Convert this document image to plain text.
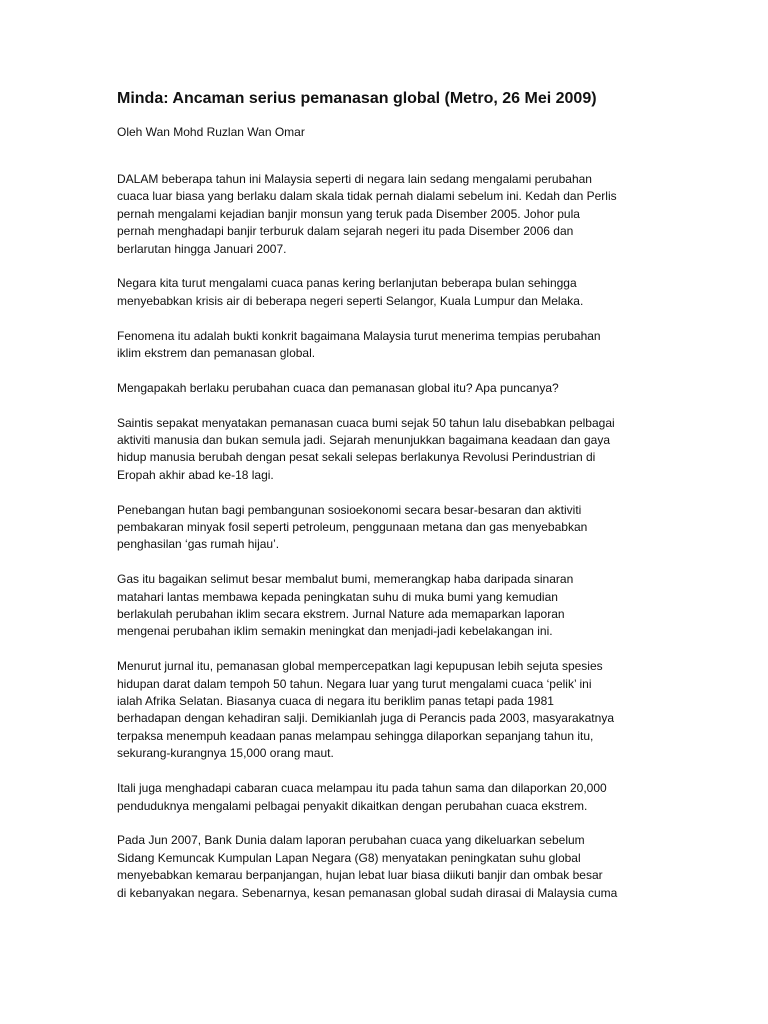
Minda: Ancaman serius pemanasan global (Metro, 26 Mei 2009)

Oleh Wan Mohd Ruzlan Wan Omar

DALAM beberapa tahun ini Malaysia seperti di negara lain sedang mengalami perubahan
cuaca luar biasa yang berlaku dalam skala tidak pernah dialami sebelum ini. Kedah dan Perlis
pernah mengalami kejadian banjir monsun yang teruk pada Disember 2005. Johor pula
pernah menghadapi banjir terburuk dalam sejarah negeri itu pada Disember 2006 dan
berlarutan hingga Januari 2007.

Negara kita turut mengalami cuaca panas kering berlanjutan beberapa bulan sehingga
menyebabkan krisis air di beberapa negeri seperti Selangor, Kuala Lumpur dan Melaka.

Fenomena itu adalah bukti konkrit bagaimana Malaysia turut menerima tempias perubahan
iklim ekstrem dan pemanasan global.

Mengapakah berlaku perubahan cuaca dan pemanasan global itu? Apa puncanya?

Saintis sepakat menyatakan pemanasan cuaca bumi sejak 50 tahun lalu disebabkan pelbagai
aktiviti manusia dan bukan semula jadi. Sejarah menunjukkan bagaimana keadaan dan gaya
hidup manusia berubah dengan pesat sekali selepas berlakunya Revolusi Perindustrian di
Eropah akhir abad ke-18 lagi.

Penebangan hutan bagi pembangunan sosioekonomi secara besar-besaran dan aktiviti
pembakaran minyak fosil seperti petroleum, penggunaan metana dan gas menyebabkan
penghasilan ‘gas rumah hijau’.

Gas itu bagaikan selimut besar membalut bumi, memerangkap haba daripada sinaran
matahari lantas membawa kepada peningkatan suhu di muka bumi yang kemudian
berlakulah perubahan iklim secara ekstrem. Jurnal Nature ada memaparkan laporan
mengenai perubahan iklim semakin meningkat dan menjadi-jadi kebelakangan ini.

Menurut jurnal itu, pemanasan global mempercepatkan lagi kepupusan lebih sejuta spesies
hidupan darat dalam tempoh 50 tahun. Negara luar yang turut mengalami cuaca ‘pelik’ ini
ialah Afrika Selatan. Biasanya cuaca di negara itu beriklim panas tetapi pada 1981
berhadapan dengan kehadiran salji. Demikianlah juga di Perancis pada 2003, masyarakatnya
terpaksa menempuh keadaan panas melampau sehingga dilaporkan sepanjang tahun itu,
sekurang-kurangnya 15,000 orang maut.

Itali juga menghadapi cabaran cuaca melampau itu pada tahun sama dan dilaporkan 20,000
penduduknya mengalami pelbagai penyakit dikaitkan dengan perubahan cuaca ekstrem.

Pada Jun 2007, Bank Dunia dalam laporan perubahan cuaca yang dikeluarkan sebelum
Sidang Kemuncak Kumpulan Lapan Negara (G8) menyatakan peningkatan suhu global
menyebabkan kemarau berpanjangan, hujan lebat luar biasa diikuti banjir dan ombak besar
di kebanyakan negara. Sebenarnya, kesan pemanasan global sudah dirasai di Malaysia cuma
